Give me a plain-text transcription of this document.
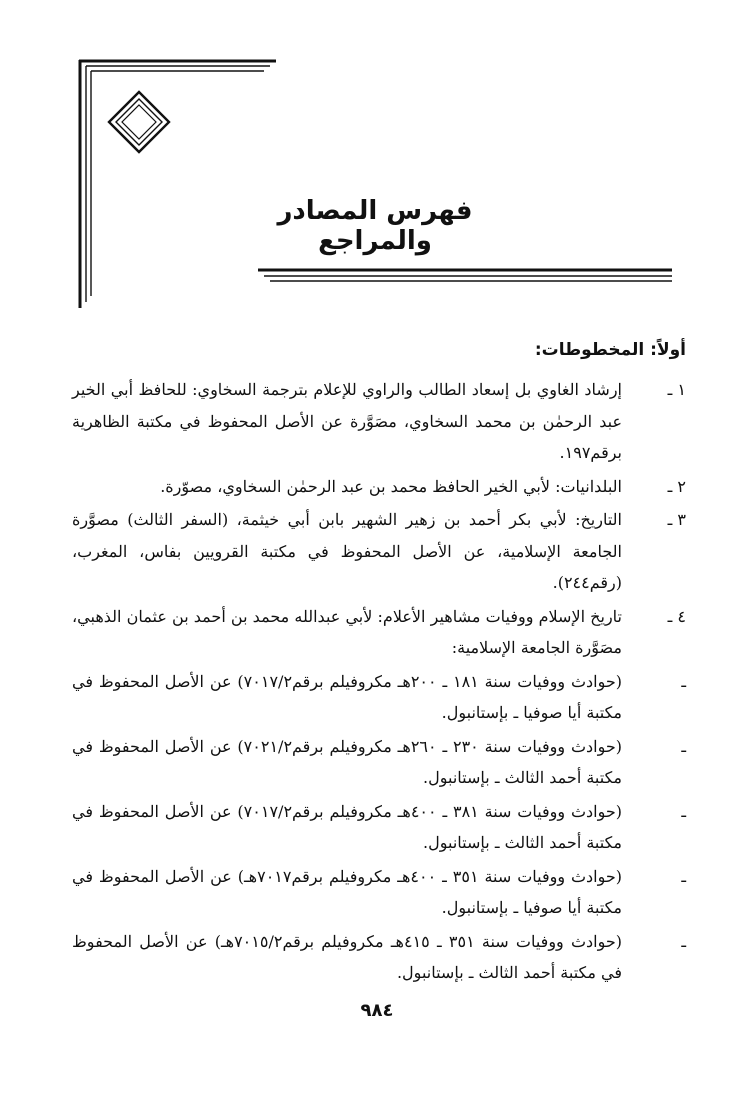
فهرس المصادر والمراجع
أولاً: المخطوطات:
١ ـ
إرشاد الغاوي بل إسعاد الطالب والراوي للإعلام بترجمة السخاوي: للحافظ أبي الخير عبد الرحمٰن بن محمد السخاوي، مصَوَّرة عن الأصل المحفوظ في مكتبة الظاهرية برقم١٩٧.
٢ ـ
البلدانيات: لأبي الخير الحافظ محمد بن عبد الرحمٰن السخاوي، مصوّرة.
٣ ـ
التاريخ: لأبي بكر أحمد بن زهير الشهير بابن أبي خيثمة، (السفر الثالث) مصوَّرة الجامعة الإسلامية، عن الأصل المحفوظ في مكتبة القرويين بفاس، المغرب، (رقم٢٤٤).
٤ ـ
تاريخ الإسلام ووفيات مشاهير الأعلام: لأبي عبدالله محمد بن أحمد بن عثمان الذهبي، مصَوَّرة الجامعة الإسلامية:
ـ
(حوادث ووفيات سنة ١٨١ ـ ٢٠٠هـ مكروفيلم برقم٧٠١٧/٢) عن الأصل المحفوظ في مكتبة أيا صوفيا ـ بإستانبول.
ـ
(حوادث ووفيات سنة ٢٣٠ ـ ٢٦٠هـ مكروفيلم برقم٧٠٢١/٢) عن الأصل المحفوظ في مكتبة أحمد الثالث ـ بإستانبول.
ـ
(حوادث ووفيات سنة ٣٨١ ـ ٤٠٠هـ مكروفيلم برقم٧٠١٧/٢) عن الأصل المحفوظ في مكتبة أحمد الثالث ـ بإستانبول.
ـ
(حوادث ووفيات سنة ٣٥١ ـ ٤٠٠هـ مكروفيلم برقم٧٠١٧هـ) عن الأصل المحفوظ في مكتبة أيا صوفيا ـ بإستانبول.
ـ
(حوادث ووفيات سنة ٣٥١ ـ ٤١٥هـ مكروفيلم برقم٧٠١٥/٢هـ) عن الأصل المحفوظ في مكتبة أحمد الثالث ـ بإستانبول.
٩٨٤
